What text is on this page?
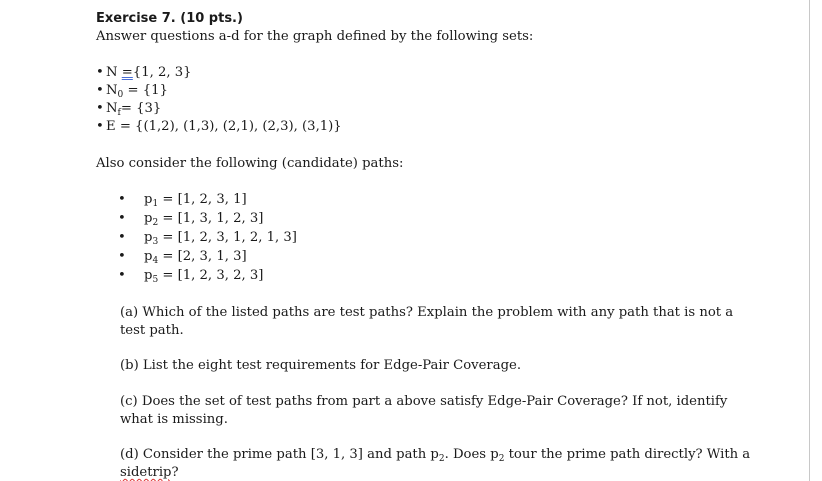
Exercise 7. (10 pts.)
Answer questions a-d for the graph defined by the following sets:
• N ={1, 2, 3}
• $N_0 = \{1\}$
• $N_f= \{3\}$
• E = {(1,2), (1,3), (2,1), (2,3), (3,1)}
Also consider the following (candidate) paths:
• $p_1 = [1$, 2, 3, 1]
• $p_2 = [1$, 3, 1, 2, 3]
• $p_3 = [1$, 2, 3, 1, 2, 1, 3]
• $p_4 = [2$, 3, 1, 3]
• $p_5 = [1$, 2, 3, 2, 3]
(a) Which of the listed paths are test paths? Explain the problem with any path that is not a test path.
(b) List the eight test requirements for Edge-Pair Coverage.
(c) Does the set of test paths from part a above satisfy Edge-Pair Coverage? If not, identify what is missing.
(d) Consider the prime path [3, 1, 3] and path $p_2$. Does $p_2$ tour the prime path directly? With a
sidetrip?
